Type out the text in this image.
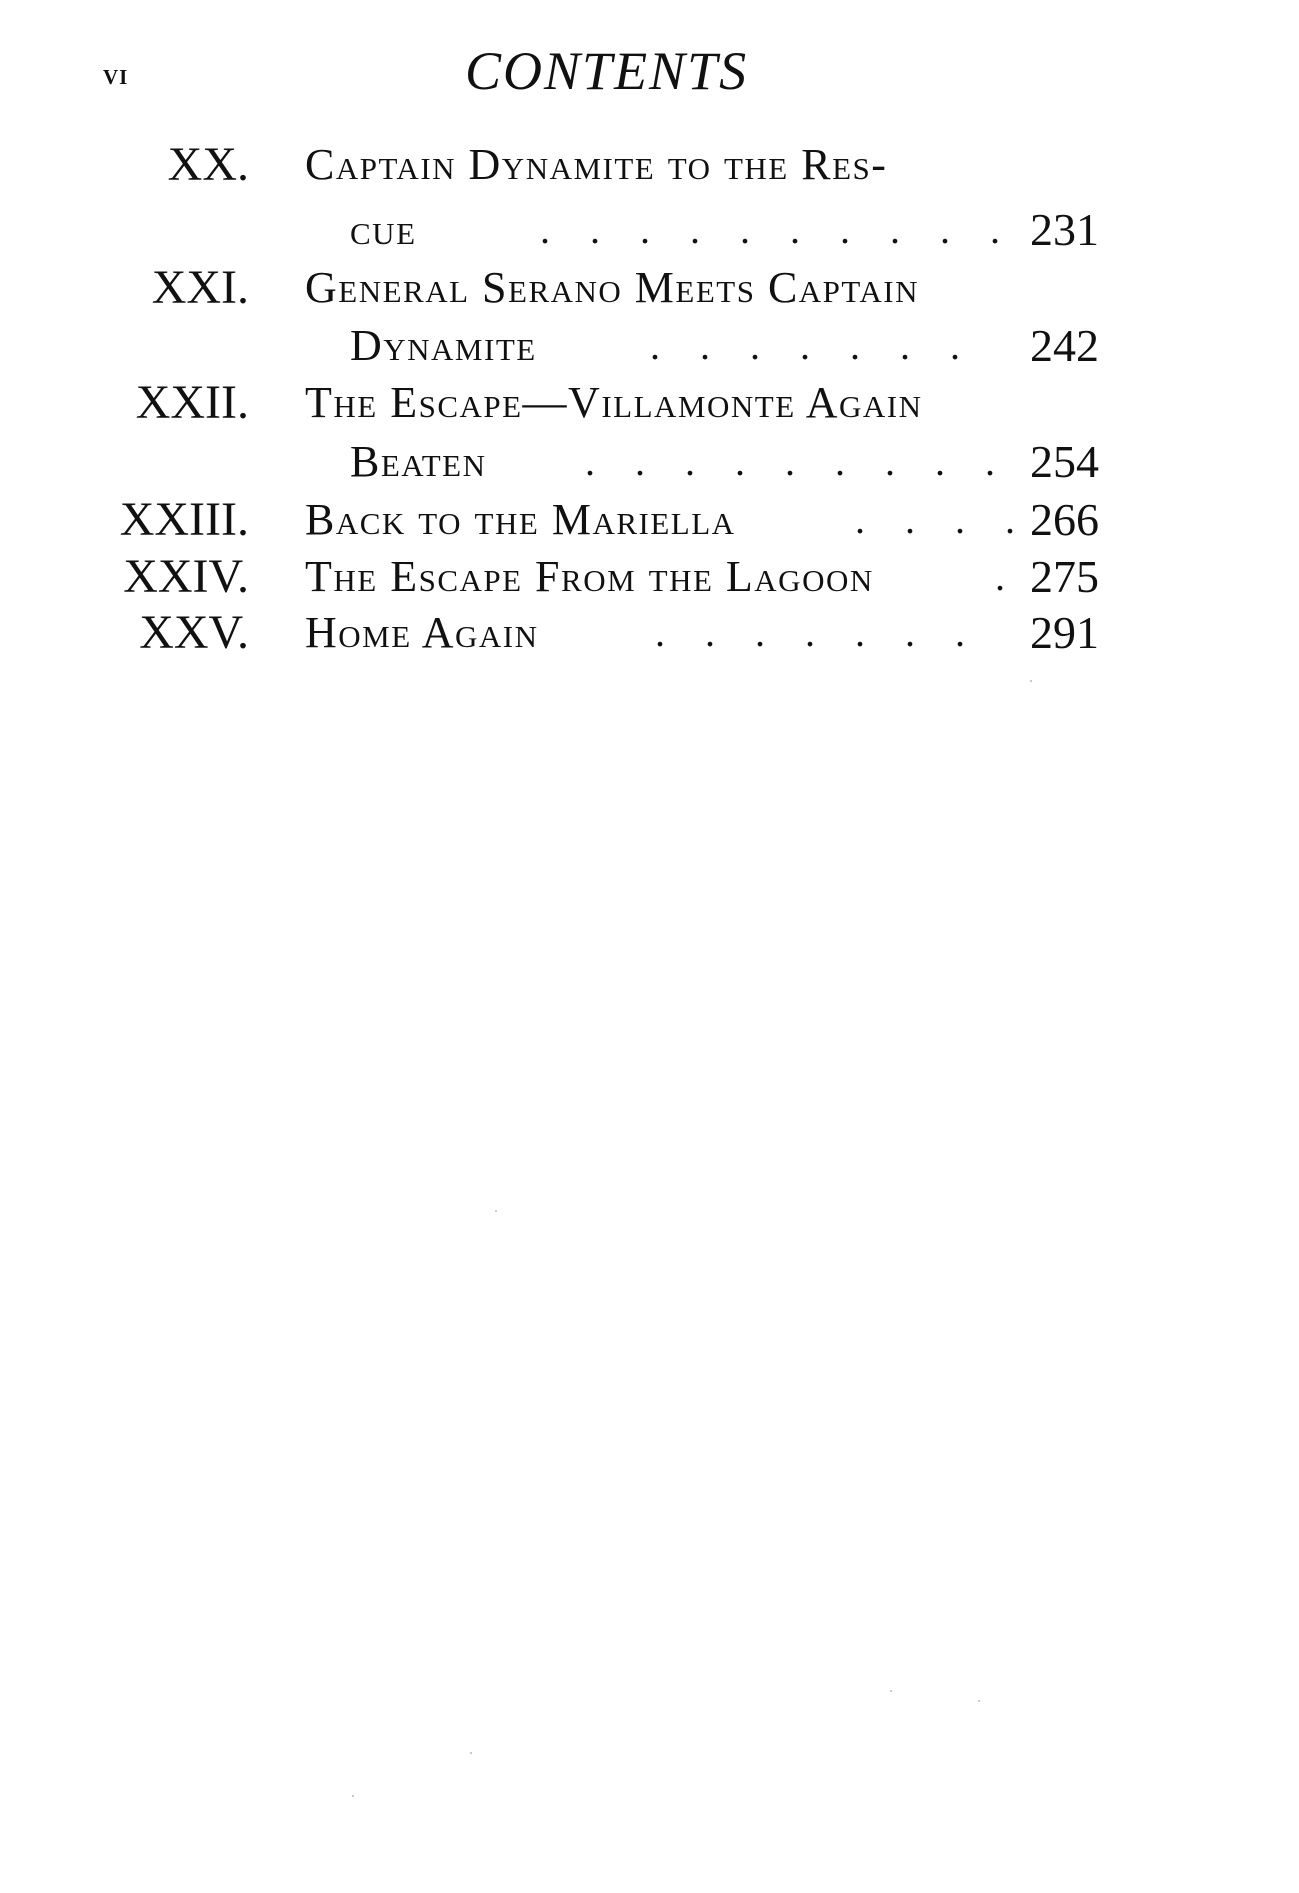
vi	CONTENTS
XX. Captain Dynamite to the Res-
cue	.    .    .    .    .    .    .    .    .    . 231
XXI. General Serano Meets Captain
Dynamite	.    .    .    .    .    .    . 242
XXII. The Escape—Villamonte Again
Beaten .    .    .    .    .    .    .    .    . 254
XXIII. Back to the Mariella	.    .    .    . 266
XXIV. The Escape From the Lagoon	. 275
XXV. Home Again	.    .    .    .    .    .    . 291
